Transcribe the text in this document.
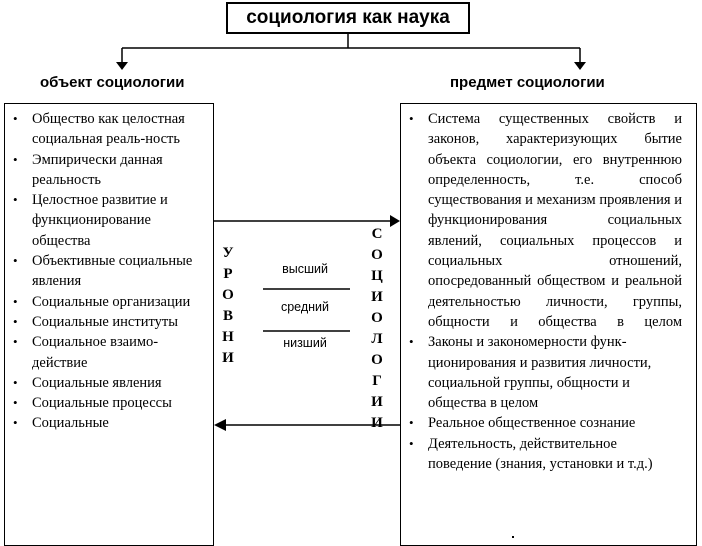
социология как наука
объект социологии	предмет социологии
• Общество как целостная социальная реаль-ность
• Эмпирически данная реальность
• Целостное развитие и функционирование общества
• Объективные социальные явления
• Социальные организации
• Социальные институты
• Социальное взаимо-действие
• Социальные явления
• Социальные процессы
• Социальные
• Система существенных свойств и законов, характеризующих бытие объекта социологии, его внутреннюю определенность, т.е. способ существования и механизм проявления и функционирования социальных явлений, социальных процессов и социальных отношений, опосредованный обществом и реальной деятельностью личности, группы, общности и общества в целом
• Законы и закономерности функ-ционирования и развития личности, социальной группы, общности и общества в целом
• Реальное общественное сознание
• Деятельность, действительное поведение (знания, установки и т.д.)
У
Р
О
В
Н
И
С
О
Ц
И
О
Л
О
Г
И
И
высший
средний
низший
